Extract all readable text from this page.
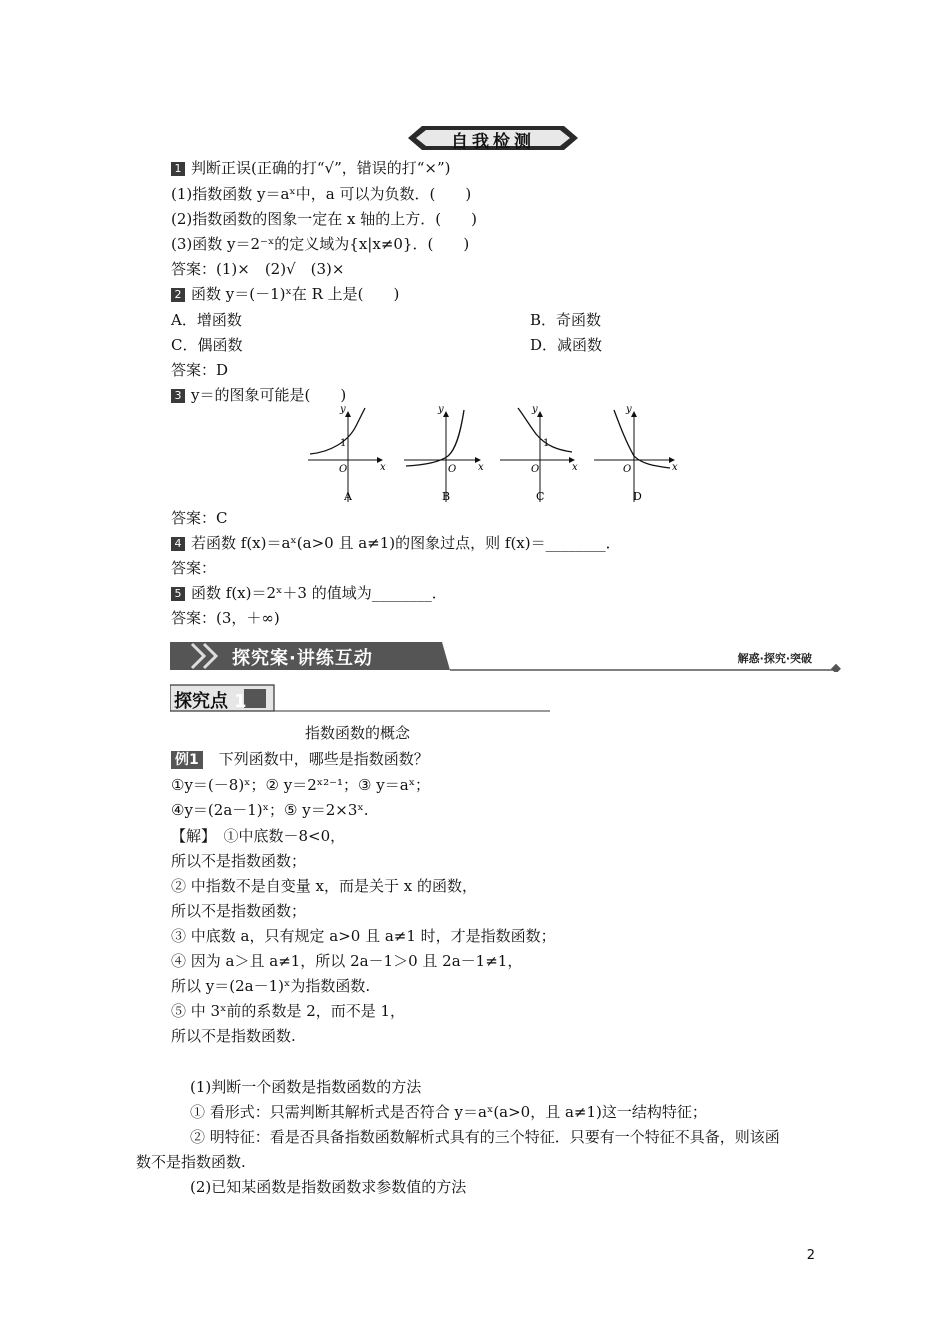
自我检测
1 判断正误(正确的打“√”，错误的打“×”)
(1)指数函数 y＝aˣ中，a 可以为负数．(　　)
(2)指数函数的图象一定在 x 轴的上方．(　　)
(3)函数 y＝2⁻ˣ的定义域为{x|x≠0}．(　　)
答案：(1)×　(2)√　(3)×
2 函数 y＝(－1)ˣ在 R 上是(　　)
A．增函数	B．奇函数
C．偶函数	D．减函数
答案：D
3 y＝的图象可能是(　　)
y
x
O
1
A
y
x
O
B
y
x
O
1
C
y
x
O
D
答案：C
4 若函数 f(x)＝aˣ(a>0 且 a≠1)的图象过点，则 f(x)＝________．
答案：
5 函数 f(x)＝2ˣ＋3 的值域为________．
答案：(3，＋∞)
探究案·讲练互动	解惑·探究·突破
探究点 1
指数函数的概念
例1 下列函数中，哪些是指数函数？
①y＝(－8)ˣ；② y＝2ˣ²⁻¹；③ y＝aˣ；
④y＝(2a－1)ˣ；⑤ y＝2×3ˣ.
【解】　①中底数－8<0，
所以不是指数函数；
② 中指数不是自变量 x，而是关于 x 的函数，
所以不是指数函数；
③ 中底数 a，只有规定 a>0 且 a≠1 时，才是指数函数；
④ 因为 a＞且 a≠1，所以 2a－1＞0 且 2a－1≠1，
所以 y＝(2a－1)ˣ为指数函数.
⑤ 中 3ˣ前的系数是 2，而不是 1，
所以不是指数函数.
(1)判断一个函数是指数函数的方法
① 看形式：只需判断其解析式是否符合 y＝aˣ(a>0，且 a≠1)这一结构特征；
② 明特征：看是否具备指数函数解析式具有的三个特征．只要有一个特征不具备，则该函
数不是指数函数.
(2)已知某函数是指数函数求参数值的方法
2
